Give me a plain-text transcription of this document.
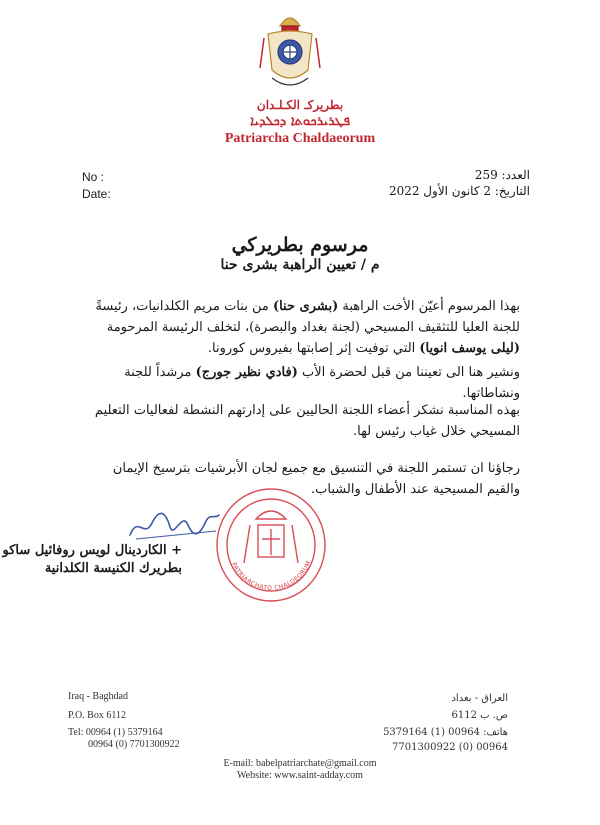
بطريركـ الكـلـدان
ܦܛܪܝܪܟܘܬܐ ܕܟܠܕܝܐ
Patriarcha Chaldaeorum
No :
Date:
العدد: 259
التاريخ: 2 كانون الأول 2022
مرسوم بطريركي
م / تعيين الراهبة بشرى حنا
بهذا المرسوم أعيّن الأخت الراهبة (بشرى حنا) من بنات مريم الكلدانيات، رئيسةً للجنة العليا للتثقيف المسيحي (لجنة بغداد والبصرة)، لتخلف الرئيسة المرحومة (ليلى يوسف انويا) التي توفيت إثر إصابتها بفيروس كورونا.
ونشير هنا الى تعيننا من قبل لحضرة الأب (فادي نظير جورج) مرشداً للجنة ونشاطاتها.
بهذه المناسبة نشكر أعضاء اللجنة الحاليين على إدارتهم النشطة لفعاليات التعليم المسيحي خلال غياب رئيس لها.
رجاؤنا ان تستمر اللجنة في التنسيق مع جميع لجان الأبرشيات بترسيخ الإيمان والقيم المسيحية عند الأطفال والشباب.
PATRIARCHATO CHALDEORUM
+ الكاردينال لويس روفائيل ساكو
بطريرك الكنيسة الكلدانية
Iraq - Baghdad
P.O. Box 6112
Tel: 00964 (1) 5379164
00964 (0) 7701300922
العراق - بغداد
ص. ب 6112
هاتف: 00964 (1) 5379164
00964 (0) 7701300922
E-mail: babelpatriarchate@gmail.com
Website: www.saint-adday.com
